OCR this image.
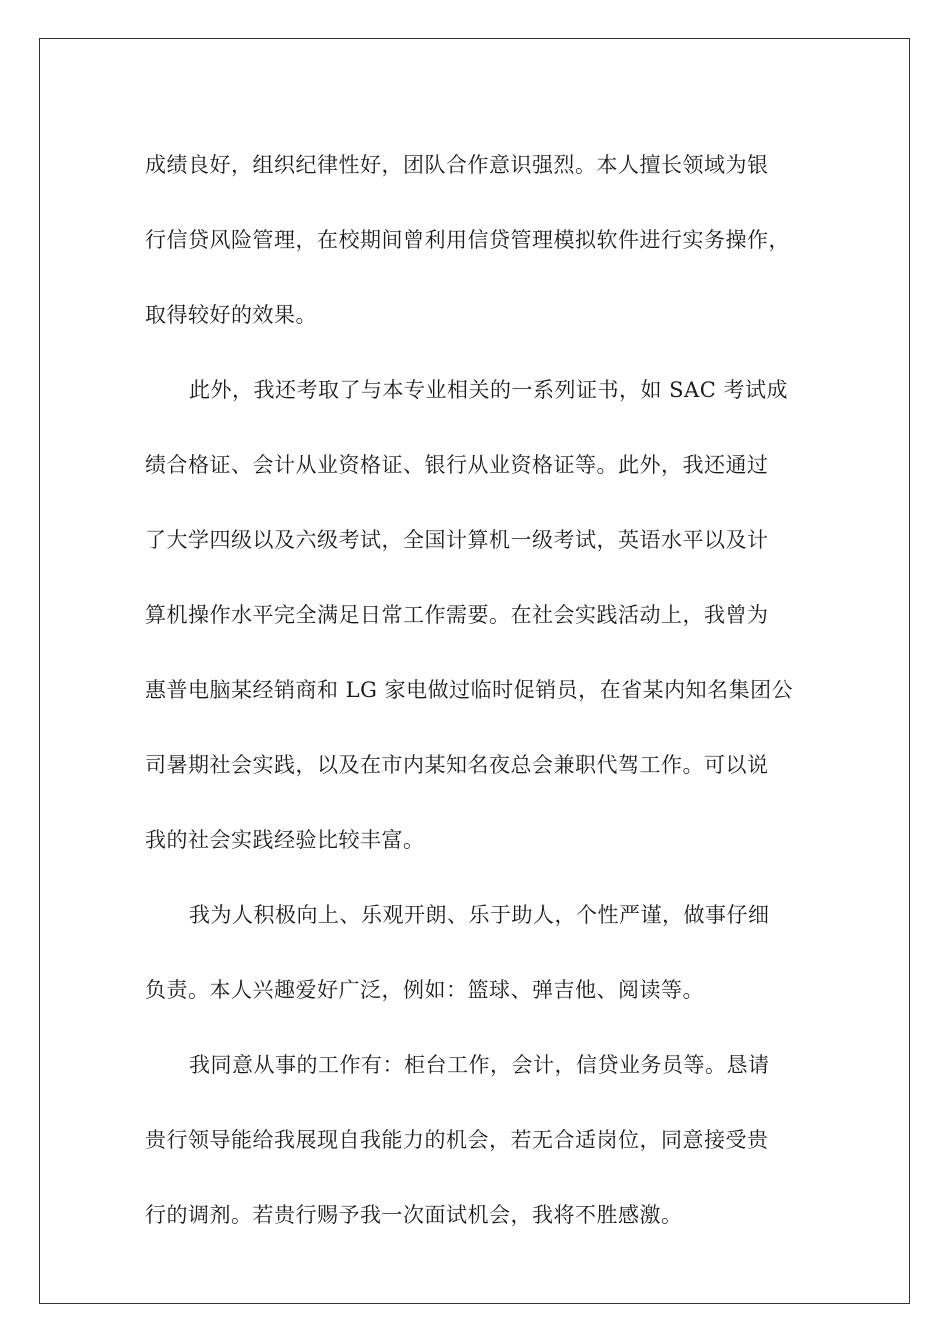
成绩良好，组织纪律性好，团队合作意识强烈。本人擅长领域为银
行信贷风险管理，在校期间曾利用信贷管理模拟软件进行实务操作，
取得较好的效果。

此外，我还考取了与本专业相关的一系列证书，如 SAC 考试成
绩合格证、会计从业资格证、银行从业资格证等。此外，我还通过
了大学四级以及六级考试，全国计算机一级考试，英语水平以及计
算机操作水平完全满足日常工作需要。在社会实践活动上，我曾为
惠普电脑某经销商和 LG 家电做过临时促销员，在省某内知名集团公
司暑期社会实践，以及在市内某知名夜总会兼职代驾工作。可以说
我的社会实践经验比较丰富。

我为人积极向上、乐观开朗、乐于助人，个性严谨，做事仔细
负责。本人兴趣爱好广泛，例如：篮球、弹吉他、阅读等。

我同意从事的工作有：柜台工作，会计，信贷业务员等。恳请
贵行领导能给我展现自我能力的机会，若无合适岗位，同意接受贵
行的调剂。若贵行赐予我一次面试机会，我将不胜感激。
